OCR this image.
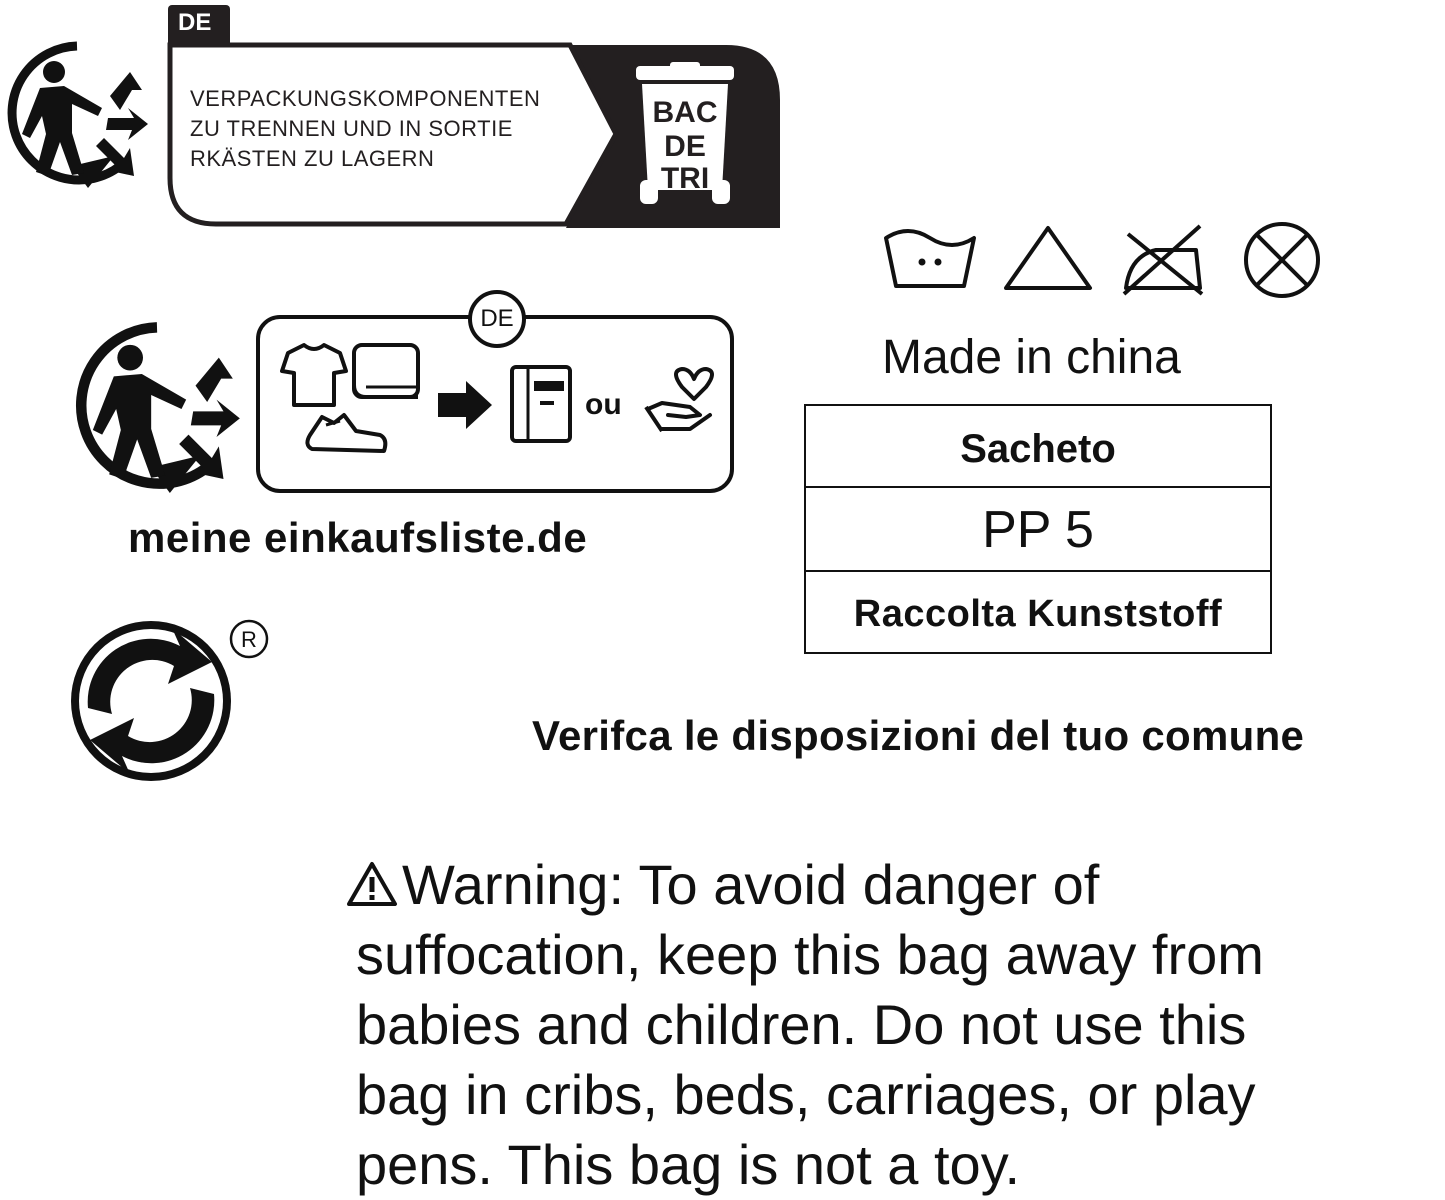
DE
VERPACKUNGSKOMPONENTEN
ZU TRENNEN UND IN SORTIE
RKÄSTEN ZU LAGERN
BAC
DE
TRI
ou
DE
meine einkaufsliste.de
R
Made in china
Sacheto
PP 5
Raccolta Kunststoff
Verifca le disposizioni del tuo comune
Warning: To avoid danger of
suffocation, keep this bag away from
babies and children. Do not use this
bag in cribs, beds, carriages, or play
pens. This bag is not a toy.
